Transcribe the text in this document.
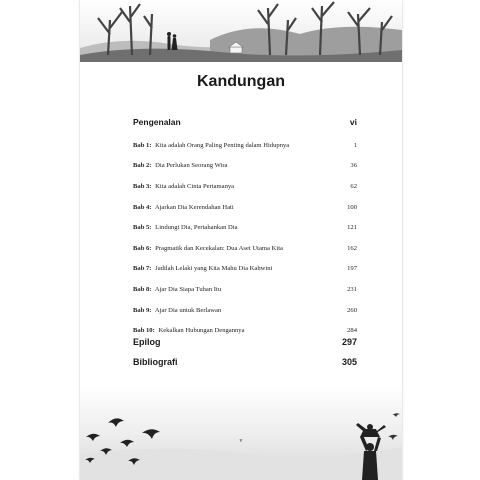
Kandungan
Pengenalan	vi
Bab 1: Kita adalah Orang Paling Penting dalam Hidupnya	1
Bab 2: Dia Perlukan Seorang Wira	36
Bab 3: Kita adalah Cinta Pertamanya	62
Bab 4: Ajarkan Dia Kerendahan Hati	100
Bab 5: Lindungi Dia, Pertahankan Dia	121
Bab 6: Pragmatik dan Kecekalan: Dua Aset Utama Kita	162
Bab 7: Jadilah Lelaki yang Kita Mahu Dia Kahwini	197
Bab 8: Ajar Dia Siapa Tuhan Itu	231
Bab 9: Ajar Dia untuk Berlawan	260
Bab 10: Kekalkan Hubungan Dengannya	284
Epilog	297
Bibliografi	305
v
